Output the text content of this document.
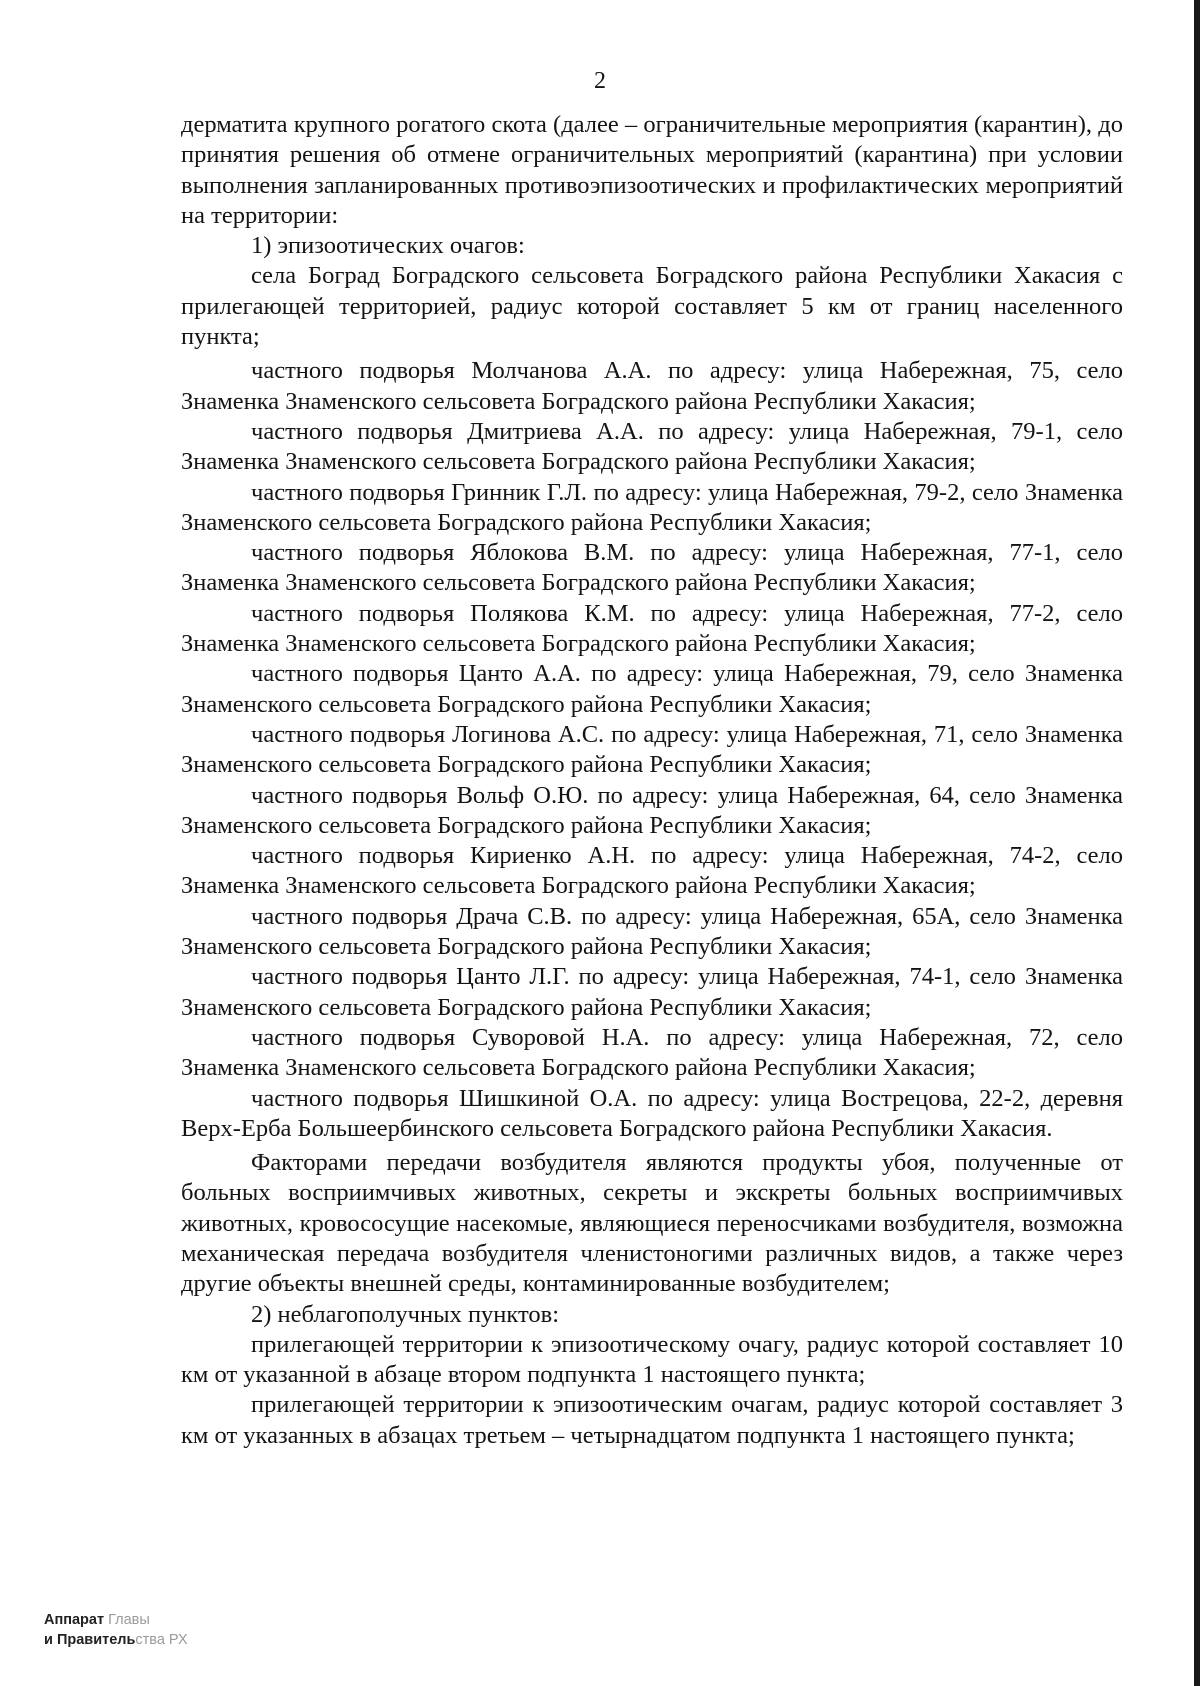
2

дерматита крупного рогатого скота (далее – ограничительные мероприятия (карантин), до принятия решения об отмене ограничительных мероприятий (карантина) при условии выполнения запланированных противоэпизоотических и профилактических мероприятий на территории:

1) эпизоотических очагов:

села Боград Боградского сельсовета Боградского района Республики Хакасия с прилегающей территорией, радиус которой составляет 5 км от границ населенного пункта;

частного подворья Молчанова А.А. по адресу: улица Набережная, 75, село Знаменка Знаменского сельсовета Боградского района Республики Хакасия;

частного подворья Дмитриева А.А. по адресу: улица Набережная, 79-1, село Знаменка Знаменского сельсовета Боградского района Республики Хакасия;

частного подворья Гринник Г.Л. по адресу: улица Набережная, 79-2, село Знаменка Знаменского сельсовета Боградского района Республики Хакасия;

частного подворья Яблокова В.М. по адресу: улица Набережная, 77-1, село Знаменка Знаменского сельсовета Боградского района Республики Хакасия;

частного подворья Полякова К.М. по адресу: улица Набережная, 77-2, село Знаменка Знаменского сельсовета Боградского района Республики Хакасия;

частного подворья Цанто А.А. по адресу: улица Набережная, 79, село Знаменка Знаменского сельсовета Боградского района Республики Хакасия;

частного подворья Логинова А.С. по адресу: улица Набережная, 71, село Знаменка Знаменского сельсовета Боградского района Республики Хакасия;

частного подворья Вольф О.Ю. по адресу: улица Набережная, 64, село Знаменка Знаменского сельсовета Боградского района Республики Хакасия;

частного подворья Кириенко А.Н. по адресу: улица Набережная, 74-2, село Знаменка Знаменского сельсовета Боградского района Республики Хакасия;

частного подворья Драча С.В. по адресу: улица Набережная, 65А, село Знаменка Знаменского сельсовета Боградского района Республики Хакасия;

частного подворья Цанто Л.Г. по адресу: улица Набережная, 74-1, село Знаменка Знаменского сельсовета Боградского района Республики Хакасия;

частного подворья Суворовой Н.А. по адресу: улица Набережная, 72, село Знаменка Знаменского сельсовета Боградского района Республики Хакасия;

частного подворья Шишкиной О.А. по адресу: улица Вострецова, 22-2, деревня Верх-Ерба Большеербинского сельсовета Боградского района Республики Хакасия.

Факторами передачи возбудителя являются продукты убоя, полученные от больных восприимчивых животных, секреты и экскреты больных восприимчивых животных, кровососущие насекомые, являющиеся переносчиками возбудителя, возможна механическая передача возбудителя членистоногими различных видов, а также через другие объекты внешней среды, контаминированные возбудителем;

2) неблагополучных пунктов:

прилегающей территории к эпизоотическому очагу, радиус которой составляет 10 км от указанной в абзаце втором подпункта 1 настоящего пункта;

прилегающей территории к эпизоотическим очагам, радиус которой составляет 3 км от указанных в абзацах третьем – четырнадцатом подпункта 1 настоящего пункта;

Аппарат Главы
и Правительства РХ
